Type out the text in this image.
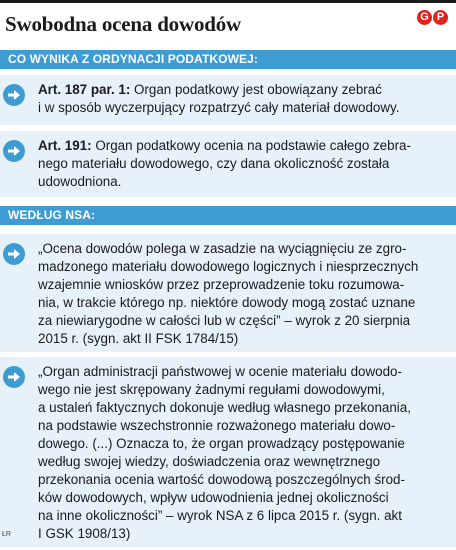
Swobodna ocena dowodów	G P
CO WYNIKA Z ORDYNACJI PODATKOWEJ:
Art. 187 par. 1: Organ podatkowy jest obowiązany zebrać
i w sposób wyczerpujący rozpatrzyć cały materiał dowodowy.
Art. 191: Organ podatkowy ocenia na podstawie całego zebra-
nego materiału dowodowego, czy dana okoliczność została
udowodniona.
WEDŁUG NSA:
„Ocena dowodów polega w zasadzie na wyciągnięciu ze zgro-
madzonego materiału dowodowego logicznych i niesprzecznych
wzajemnie wniosków przez przeprowadzenie toku rozumowa-
nia, w trakcie którego np. niektóre dowody mogą zostać uznane
za niewiarygodne w całości lub w części” – wyrok z 20 sierpnia
2015 r. (sygn. akt II FSK 1784/15)
„Organ administracji państwowej w ocenie materiału dowodo-
wego nie jest skrępowany żadnymi regułami dowodowymi,
a ustaleń faktycznych dokonuje według własnego przekonania,
na podstawie wszechstronnie rozważonego materiału dowo-
dowego. (...) Oznacza to, że organ prowadzący postępowanie
według swojej wiedzy, doświadczenia oraz wewnętrznego
przekonania ocenia wartość dowodową poszczególnych środ-
ków dowodowych, wpływ udowodnienia jednej okoliczności
na inne okoliczności” – wyrok NSA z 6 lipca 2015 r. (sygn. akt
I GSK 1908/13)
ŁR
